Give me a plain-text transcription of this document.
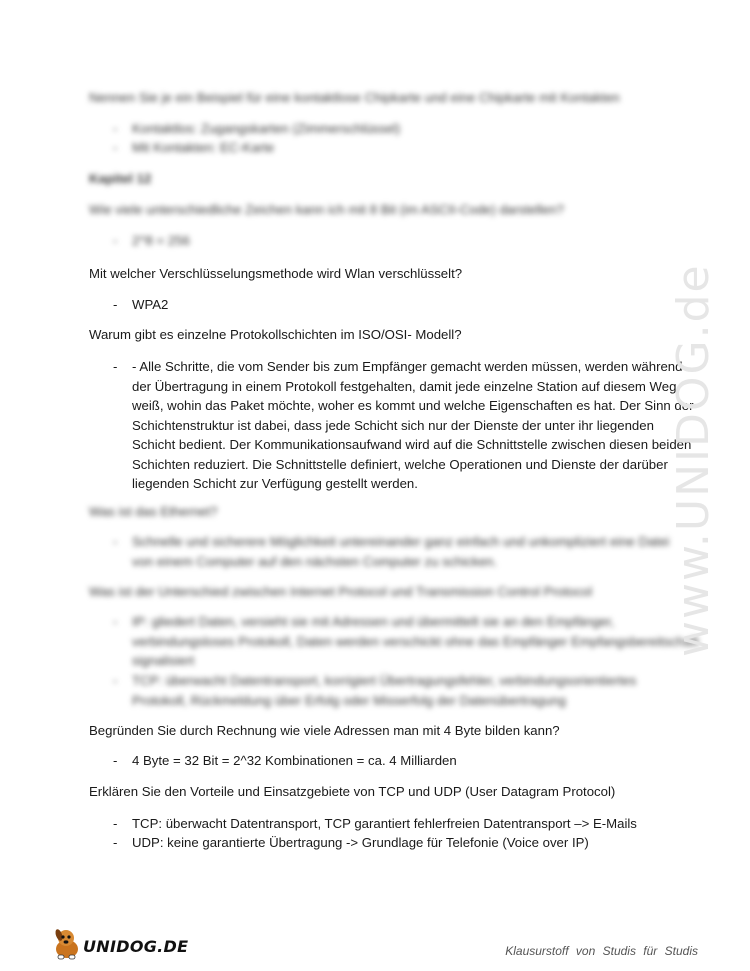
Nennen Sie je ein Beispiel für eine kontaktlose Chipkarte und eine Chipkarte mit Kontakten
- Kontaktlos: Zugangskarten (Zimmerschlüssel)
- Mit Kontakten: EC-Karte
Kapitel 12
Wie viele unterschiedliche Zeichen kann ich mit 8 Bit (im ASCII-Code) darstellen?
- 2^8 = 256
Mit welcher Verschlüsselungsmethode wird Wlan verschlüsselt?
- WPA2
Warum gibt es einzelne Protokollschichten im ISO/OSI- Modell?
- - Alle Schritte, die vom Sender bis zum Empfänger gemacht werden müssen, werden während
der Übertragung in einem Protokoll festgehalten, damit jede einzelne Station auf diesem Weg
weiß, wohin das Paket möchte, woher es kommt und welche Eigenschaften es hat. Der Sinn der
Schichtenstruktur ist dabei, dass jede Schicht sich nur der Dienste der unter ihr liegenden
Schicht bedient. Der Kommunikationsaufwand wird auf die Schnittstelle zwischen diesen beiden
Schichten reduziert. Die Schnittstelle definiert, welche Operationen und Dienste der darüber
liegenden Schicht zur Verfügung gestellt werden.
Was ist das Ethernet?
- Schnelle und sicherere Möglichkeit untereinander ganz einfach und unkompliziert eine Datei
von einem Computer auf den nächsten Computer zu schicken.
Was ist der Unterschied zwischen Internet Protocol und Transmission Control Protocol
- IP: gliedert Daten, versieht sie mit Adressen und übermittelt sie an den Empfänger,
verbindungsloses Protokoll, Daten werden verschickt ohne das Empfänger Empfangsbereitschaft
signalisiert
- TCP: überwacht Datentransport, korrigiert Übertragungsfehler, verbindungsorientiertes
Protokoll, Rückmeldung über Erfolg oder Misserfolg der Datenübertragung
Begründen Sie durch Rechnung wie viele Adressen man mit 4 Byte bilden kann?
- 4 Byte = 32 Bit = 2^32 Kombinationen = ca. 4 Milliarden
Erklären Sie den Vorteile und Einsatzgebiete von TCP und UDP (User Datagram Protocol)
- TCP: überwacht Datentransport, TCP garantiert fehlerfreien Datentransport –> E-Mails
- UDP: keine garantierte Übertragung -> Grundlage für Telefonie (Voice over IP)
www.UNIDOG.de
UNIDOG.DE	Klausurstoff von Studis für Studis
